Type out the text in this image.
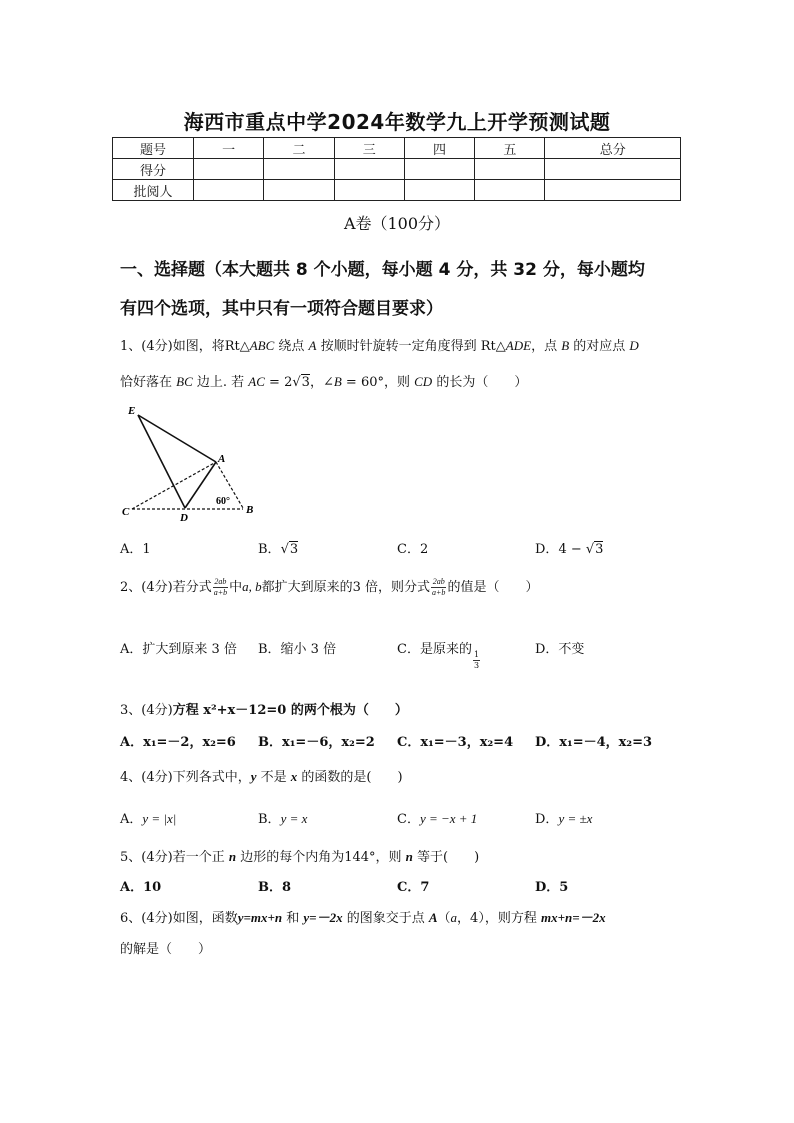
海西市重点中学2024年数学九上开学预测试题
题号	一	二	三	四	五	总分
得分						
批阅人						
A卷（100分）
一、选择题（本大题共 8 个小题，每小题 4 分，共 32 分，每小题均
有四个选项，其中只有一项符合题目要求）
1、(4分)如图，将Rt△ABC 绕点 A 按顺时针旋转一定角度得到 Rt△ADE，点 B 的对应点 D
恰好落在 BC 边上. 若 AC = 2√3，∠B = 60°，则 CD 的长为（　　）
E
A
C	D
B
60°
A．1	B．√3	C．2	D．4 − √3
2、(4分)若分式 $\frac{2ab}{a+b}$ 中a, b都扩大到原来的3 倍，则分式 $\frac{2ab}{a+b}$ 的值是（　　）
A．扩大到原来 3 倍 B．缩小 3 倍	C．是原来的
$\frac{1}{3}$
D．不变
3、(4分)方程 x²+x－12=0 的两个根为（　　）
A．x₁=－2，x₂=6 B．x₁=－6，x₂=2 C．x₁=－3，x₂=4 D．x₁=－4，x₂=3
4、(4分)下列各式中，y 不是 x 的函数的是(　　)
A．y = |x|	B．y = x	C．y = −x + 1	D．y = ±x
5、(4分)若一个正 n 边形的每个内角为144°，则 n 等于(　　)
A．10	B．8	C．7	D．5
6、(4分)如图，函数y=mx+n 和 y=－2x 的图象交于点 A（a，4），则方程 mx+n=－2x
的解是（　　）
